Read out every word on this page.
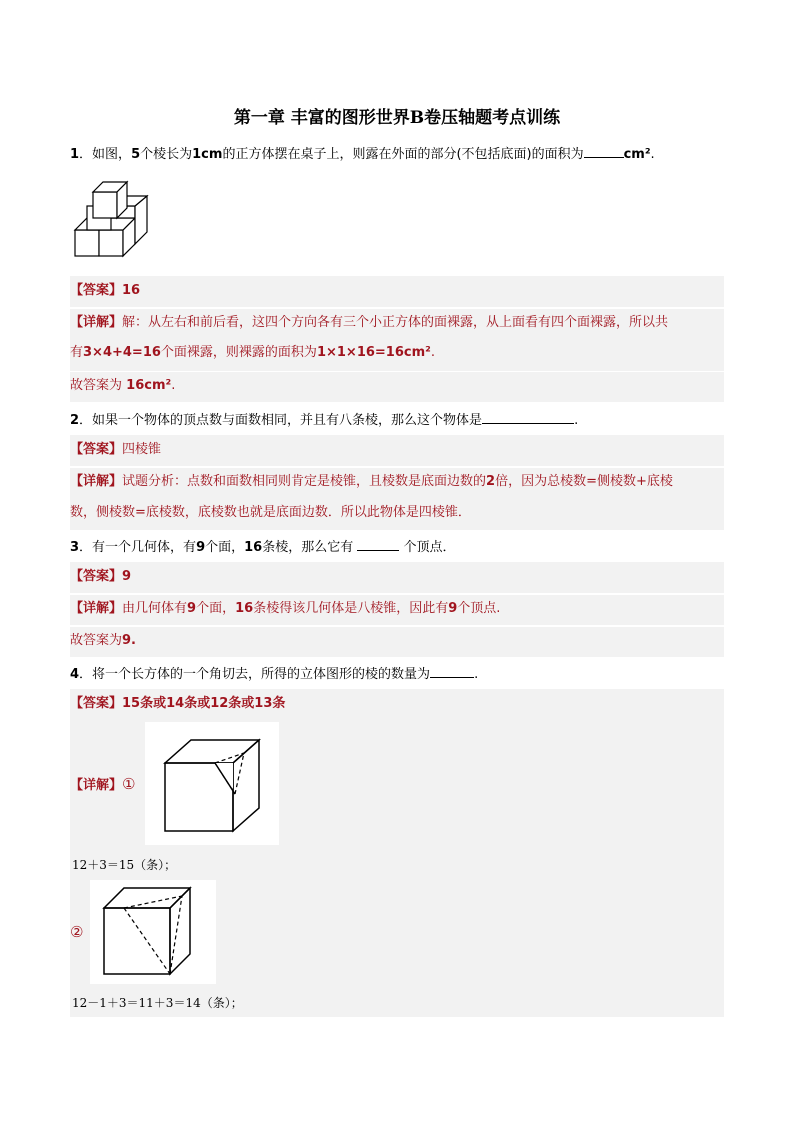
第一章 丰富的图形世界B卷压轴题考点训练
1．如图，5个棱长为1cm的正方体摆在桌子上，则露在外面的部分(不包括底面)的面积为	cm².
【答案】16
【详解】解：从左右和前后看，这四个方向各有三个小正方体的面裸露，从上面看有四个面裸露，所以共
有3×4+4=16个面裸露，则裸露的面积为1×1×16=16cm².
故答案为 16cm².
2．如果一个物体的顶点数与面数相同，并且有八条棱，那么这个物体是	.
【答案】四棱锥
【详解】试题分析：点数和面数相同则肯定是棱锥，且棱数是底面边数的2倍，因为总棱数=侧棱数+底棱
数，侧棱数=底棱数，底棱数也就是底面边数．所以此物体是四棱锥．
3．有一个几何体，有9个面，16条棱，那么它有	个顶点．
【答案】9
【详解】由几何体有9个面，16条棱得该几何体是八棱锥，因此有9个顶点.
故答案为9.
4．将一个长方体的一个角切去，所得的立体图形的棱的数量为	.
【答案】15条或14条或12条或13条
【详解】①
12＋3＝15（条）；
②
12－1＋3＝11＋3＝14（条）；
